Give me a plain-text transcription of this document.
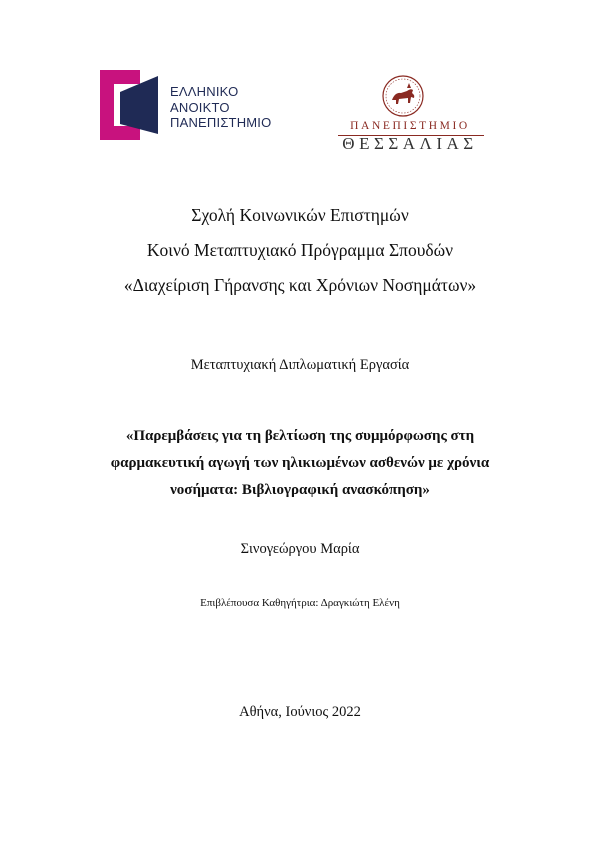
ΕΛΛΗΝΙΚΟ
ΑΝΟΙΚΤΟ
ΠΑΝΕΠΙΣΤΗΜΙΟ	ΠΑΝΕΠΙΣΤΗΜΙΟ
ΘΕΣΣΑΛΙΑΣ
Σχολή Κοινωνικών Επιστημών
Κοινό Μεταπτυχιακό Πρόγραμμα Σπουδών
«Διαχείριση Γήρανσης και Χρόνιων Νοσημάτων»
Μεταπτυχιακή Διπλωματική Εργασία
«Παρεμβάσεις για τη βελτίωση της συμμόρφωσης στη
φαρμακευτική αγωγή των ηλικιωμένων ασθενών με χρόνια
νοσήματα: Βιβλιογραφική ανασκόπηση»
Σινογεώργου Μαρία
Επιβλέπουσα Καθηγήτρια: Δραγκιώτη Ελένη
Αθήνα, Ιούνιος 2022
